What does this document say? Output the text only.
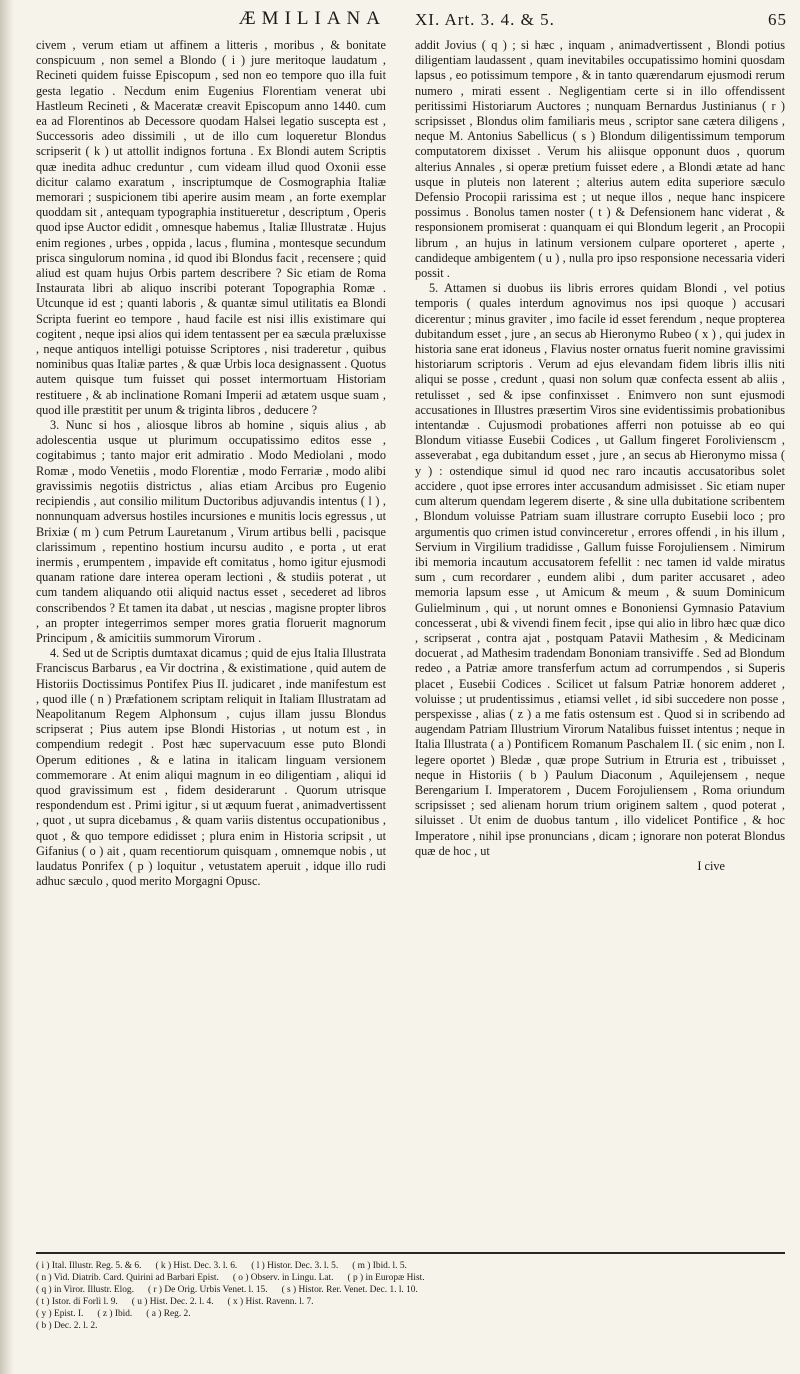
ÆMILIANA XI. Art. 3. 4. & 5.	65

civem , verum etiam ut affinem a litteris , moribus , & bonitate conspicuum , non semel a Blondo ( i ) jure meritoque laudatum , Recineti quidem fuisse Episcopum , sed non eo tempore quo illa fuit gesta legatio . Necdum enim Eugenius Florentiam venerat ubi Hastleum Recineti , & Maceratæ creavit Episcopum anno 1440. cum ea ad Florentinos ab Decessore quodam Halsei legatio suscepta est , Successoris adeo dissimili , ut de illo cum loqueretur Blondus scripserit ( k ) ut attollit indignos fortuna . Ex Blondi autem Scriptis quæ inedita adhuc creduntur , cum videam illud quod Oxonii esse dicitur calamo exaratum , inscriptumque de Cosmographia Italiæ memorari ; suspicionem tibi aperire ausim meam , an forte exemplar quoddam sit , antequam typographia institueretur , descriptum , Operis quod ipse Auctor edidit , omnesque habemus , Italiæ Illustratæ . Hujus enim regiones , urbes , oppida , lacus , flumina , montesque secundum prisca singulorum nomina , id quod ibi Blondus facit , recensere ; quid aliud est quam hujus Orbis partem describere ? Sic etiam de Roma Instaurata libri ab aliquo inscribi poterant Topographia Romæ . Utcunque id est ; quanti laboris , & quantæ simul utilitatis ea Blondi Scripta fuerint eo tempore , haud facile est nisi illis existimare qui cogitent , neque ipsi alios qui idem tentassent per ea sæcula præluxisse , neque antiquos intelligi potuisse Scriptores , nisi traderetur , quibus nominibus quas Italiæ partes , & quæ Urbis loca designassent . Quotus autem quisque tum fuisset qui posset intermortuam Historiam restituere , & ab inclinatione Romani Imperii ad ætatem usque suam , quod ille præstitit per unum & triginta libros , deducere ?

3. Nunc si hos , aliosque libros ab homine , siquis alius , ab adolescentia usque ut plurimum occupatissimo editos esse , cogitabimus ; tanto major erit admiratio . Modo Mediolani , modo Romæ , modo Venetiis , modo Florentiæ , modo Ferrariæ , modo alibi gravissimis negotiis districtus , alias etiam Arcibus pro Eugenio recipiendis , aut consilio militum Ductoribus adjuvandis intentus ( l ) , nonnunquam adversus hostiles incursiones e munitis locis egressus , ut Brixiæ ( m ) cum Petrum Lauretanum , Virum artibus belli , pacisque clarissimum , repentino hostium incursu audito , e porta , ut erat inermis , erumpentem , impavide eft comitatus , homo igitur ejusmodi quanam ratione dare interea operam lectioni , & studiis poterat , ut cum tandem aliquando otii aliquid nactus esset , secederet ad libros conscribendos ? Et tamen ita dabat , ut nescias , magisne propter libros , an propter integerrimos semper mores gratia floruerit magnorum Principum , & amicitiis summorum Virorum .

4. Sed ut de Scriptis dumtaxat dicamus ; quid de ejus Italia Illustrata Franciscus Barbarus , ea Vir doctrina , & existimatione , quid autem de Historiis Doctissimus Pontifex Pius II. judicaret , inde manifestum est , quod ille ( n ) Præfationem scriptam reliquit in Italiam Illustratam ad Neapolitanum Regem Alphonsum , cujus illam jussu Blondus scripserat ; Pius autem ipse Blondi Historias , ut notum est , in compendium redegit . Post hæc supervacuum esse puto Blondi Operum editiones , & e latina in italicam linguam versionem commemorare . At enim aliqui magnum in eo diligentiam , aliqui id quod gravissimum est , fidem desiderarunt . Quorum utrisque respondendum est . Primi igitur , si ut æquum fuerat , animadvertissent , quot , ut supra dicebamus , & quam variis distentus occupationibus , quot , & quo tempore edidisset ; plura enim in Historia scripsit , ut Gifanius ( o ) ait , quam recentiorum quisquam , omnemque nobis , ut laudatus Ponrifex ( p ) loquitur , vetustatem aperuit , idque illo rudi adhuc sæculo , quod merito Morgagni Opusc.

addit Jovius ( q ) ; si hæc , inquam , animadvertissent , Blondi potius diligentiam laudassent , quam inevitabiles occupatissimo homini quosdam lapsus , eo potissimum tempore , & in tanto quærendarum ejusmodi rerum numero , mirati essent . Negligentiam certe si in illo offendissent peritissimi Historiarum Auctores ; nunquam Bernardus Justinianus ( r ) scripsisset , Blondus olim familiaris meus , scriptor sane cætera diligens , neque M. Antonius Sabellicus ( s ) Blondum diligentissimum temporum computatorem dixisset . Verum his aliisque opponunt duos , quorum alterius Annales , si operæ pretium fuisset edere , a Blondi ætate ad hanc usque in pluteis non laterent ; alterius autem edita superiore sæculo Defensio Procopii rarissima est ; ut neque illos , neque hanc inspicere possimus . Bonolus tamen noster ( t ) & Defensionem hanc viderat , & responsionem promiserat : quanquam ei qui Blondum legerit , an Procopii librum , an hujus in latinum versionem culpare oporteret , aperte , candideque ambigentem ( u ) , nulla pro ipso responsione necessaria videri possit .

5. Attamen si duobus iis libris errores quidam Blondi , vel potius temporis ( quales interdum agnovimus nos ipsi quoque ) accusari dicerentur ; minus graviter , imo facile id esset ferendum , neque propterea dubitandum esset , jure , an secus ab Hieronymo Rubeo ( x ) , qui judex in historia sane erat idoneus , Flavius noster ornatus fuerit nomine gravissimi historiarum scriptoris . Verum ad ejus elevandam fidem libris illis niti aliqui se posse , credunt , quasi non solum quæ confecta essent ab aliis , retulisset , sed & ipse confinxisset . Enimvero non sunt ejusmodi accusationes in Illustres præsertim Viros sine evidentissimis probationibus intentandæ . Cujusmodi probationes afferri non potuisse ab eo qui Blondum vitiasse Eusebii Codices , ut Gallum fingeret Forolivienscm , asseverabat , ega dubitandum esset , jure , an secus ab Hieronymo missa ( y ) : ostendique simul id quod nec raro incautis accusatoribus solet accidere , quot ipse errores inter accusandum admisisset . Sic etiam nuper cum alterum quendam legerem diserte , & sine ulla dubitatione scribentem , Blondum voluisse Patriam suam illustrare corrupto Eusebii loco ; pro argumentis quo crimen istud convinceretur , errores offendi , in his illum , Servium in Virgilium tradidisse , Gallum fuisse Forojuliensem . Nimirum ibi memoria incautum accusatorem fefellit : nec tamen id valde miratus sum , cum recordarer , eundem alibi , dum pariter accusaret , adeo memoria lapsum esse , ut Amicum & meum , & suum Dominicum Gulielminum , qui , ut norunt omnes e Bononiensi Gymnasio Patavium concesserat , ubi & vivendi finem fecit , ipse qui alio in libro hæc quæ dico , scripserat , contra ajat , postquam Patavii Mathesim , & Medicinam docuerat , ad Mathesim tradendam Bononiam transiviffe . Sed ad Blondum redeo , a Patriæ amore transferfum actum ad corrumpendos , si Superis placet , Eusebii Codices . Scilicet ut falsum Patriæ honorem adderet , voluisse ; ut prudentissimus , etiamsi vellet , id sibi succedere non posse , perspexisse , alias ( z ) a me fatis ostensum est . Quod si in scribendo ad augendam Patriam Illustrium Virorum Natalibus fuisset intentus ; neque in Italia Illustrata ( a ) Pontificem Romanum Paschalem II. ( sic enim , non I. legere oportet ) Bledæ , quæ prope Sutrium in Etruria est , tribuisset , neque in Historiis ( b ) Paulum Diaconum , Aquilejensem , neque Berengarium I. Imperatorem , Ducem Forojuliensem , Roma oriundum scripsisset ; sed alienam horum trium originem saltem , quod poterat , siluisset . Ut enim de duobus tantum , illo videlicet Pontifice , & hoc Imperatore , nihil ipse pronuncians , dicam ; ignorare non poterat Blondus quæ de hoc , ut

I cive
( i ) Ital. Illustr. Reg. 5. & 6. ( k ) Hist. Dec. 3. l. 6. ( l ) Histor. Dec. 3. l. 5. ( m ) Ibid. l. 5.
( n ) Vid. Diatrib. Card. Quirini ad Barbari Epist. ( o ) Observ. in Lingu. Lat. ( p ) in Europæ Hist.
( q ) in Viror. Illustr. Elog. ( r ) De Orig. Urbis Venet. l. 15. ( s ) Histor. Rer. Venet. Dec. 1. l. 10.
( t ) Istor. di Forlì l. 9. ( u ) Hist. Dec. 2. l. 4. ( x ) Hist. Ravenn. l. 7.
( y ) Epist. I. ( z ) Ibid. ( a ) Reg. 2.
( b ) Dec. 2. l. 2.
